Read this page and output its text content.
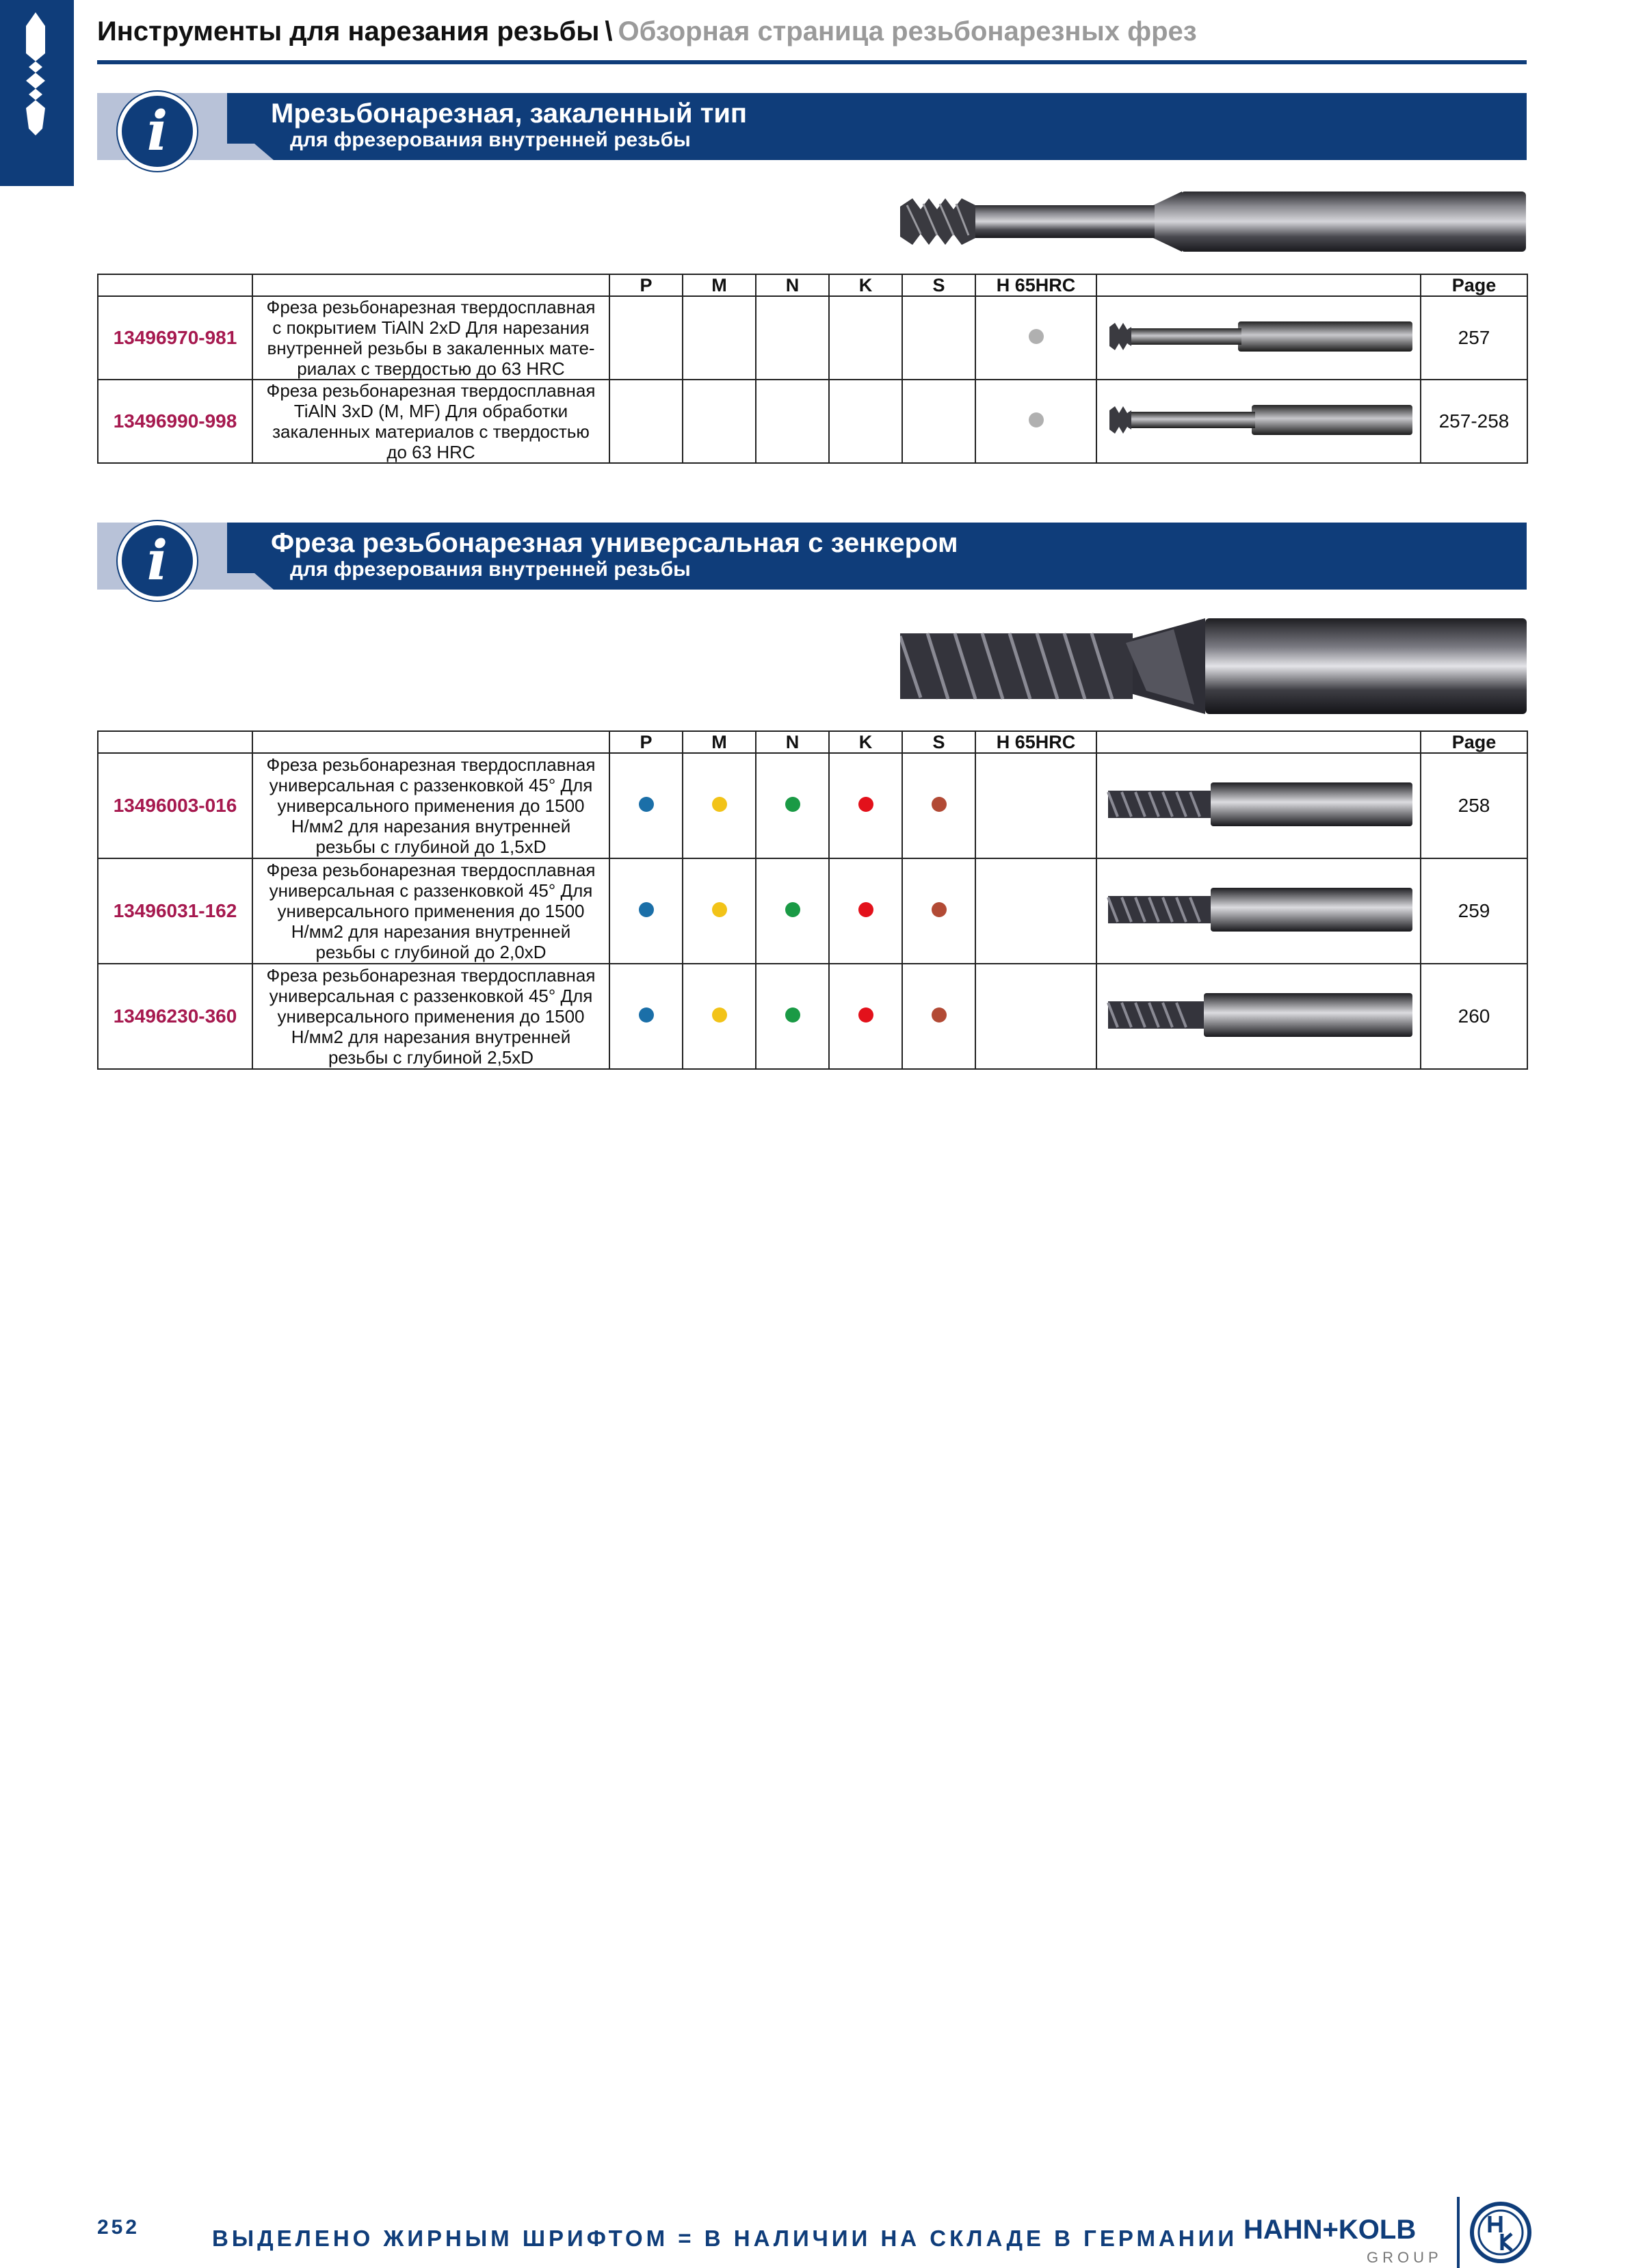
Инструменты для нарезания резьбы \ Обзорная страница резьбонарезных фрез
i	Мрезьбонарезная, закаленный тип
для фрезерования внутренней резьбы
		P	M	N	K	S	H 65HRC		Page
13496970-981	Фреза резьбонарезная твердосплавная
с покрытием TiAlN 2xD Для нарезания
внутренней резьбы в закаленных мате-
риалах с твердостью до 63 HRC								257
13496990-998	Фреза резьбонарезная твердосплавная
TiAlN 3xD (M, MF) Для обработки
закаленных материалов с твердостью
до 63 HRC								257-258
i	Фреза резьбонарезная универсальная с зенкером
для фрезерования внутренней резьбы
		P	M	N	K	S	H 65HRC		Page
13496003-016	Фреза резьбонарезная твердосплавная
универсальная с раззенковкой 45° Для
универсального применения до 1500
Н/мм2 для нарезания внутренней
резьбы с глубиной до 1,5xD								258
13496031-162	Фреза резьбонарезная твердосплавная
универсальная с раззенковкой 45° Для
универсального применения до 1500
Н/мм2 для нарезания внутренней
резьбы с глубиной до 2,0xD								259
13496230-360	Фреза резьбонарезная твердосплавная
универсальная с раззенковкой 45° Для
универсального применения до 1500
Н/мм2 для нарезания внутренней
резьбы с глубиной 2,5xD								260
252	ВЫДЕЛЕНО ЖИРНЫМ ШРИФТОМ = В НАЛИЧИИ НА СКЛАДЕ В ГЕРМАНИИ HAHN+KOLB
GROUP
